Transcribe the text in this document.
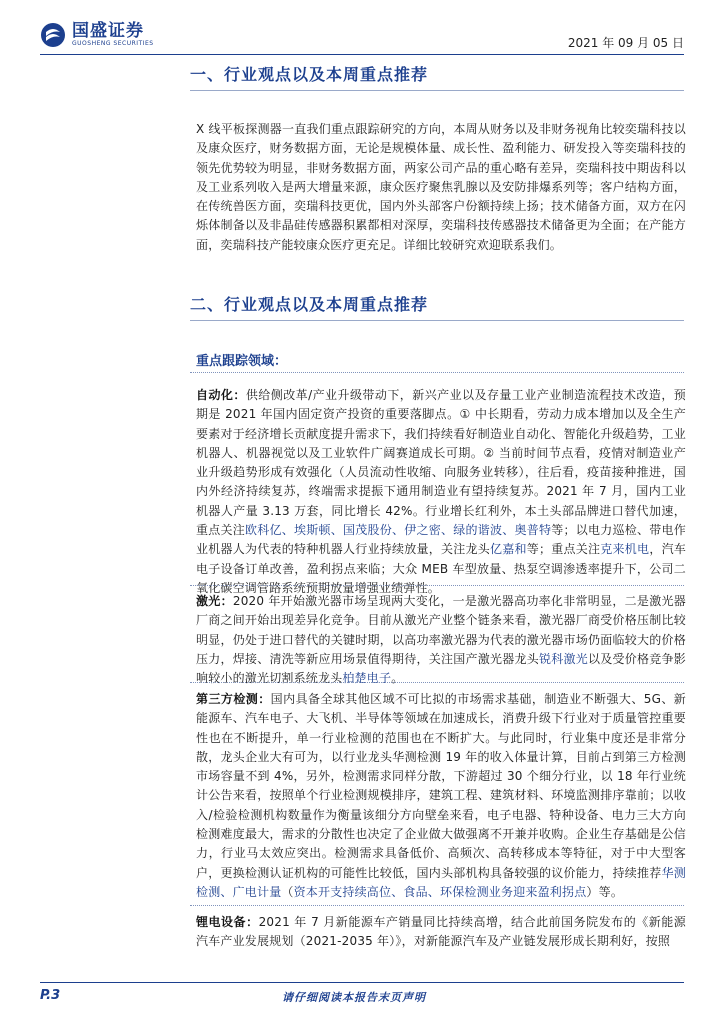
国盛证券
GUOSHENG SECURITIES	2021 年 09 月 05 日
一、行业观点以及本周重点推荐

X 线平板探测器一直我们重点跟踪研究的方向，本周从财务以及非财务视角比较奕瑞科技以及康众医疗，财务数据方面，无论是规模体量、成长性、盈利能力、研发投入等奕瑞科技的领先优势较为明显，非财务数据方面，两家公司产品的重心略有差异，奕瑞科技中期齿科以及工业系列收入是两大增量来源，康众医疗聚焦乳腺以及安防排爆系列等；客户结构方面，在传统兽医方面，奕瑞科技更优，国内外头部客户份额持续上扬；技术储备方面，双方在闪烁体制备以及非晶硅传感器积累都相对深厚，奕瑞科技传感器技术储备更为全面；在产能方面，奕瑞科技产能较康众医疗更充足。详细比较研究欢迎联系我们。

二、行业观点以及本周重点推荐
重点跟踪领域：

自动化：供给侧改革/产业升级带动下，新兴产业以及存量工业产业制造流程技术改造，预期是 2021 年国内固定资产投资的重要落脚点。① 中长期看，劳动力成本增加以及全生产要素对于经济增长贡献度提升需求下，我们持续看好制造业自动化、智能化升级趋势，工业机器人、机器视觉以及工业软件广阔赛道成长可期。② 当前时间节点看，疫情对制造业产业升级趋势形成有效强化（人员流动性收缩、向服务业转移），往后看，疫苗接种推进，国内外经济持续复苏，终端需求提振下通用制造业有望持续复苏。2021 年 7 月，国内工业机器人产量 3.13 万套，同比增长 42%。行业增长红利外，本土头部品牌进口替代加速，重点关注欧科亿、埃斯顿、国茂股份、伊之密、绿的谐波、奥普特等；以电力巡检、带电作业机器人为代表的特种机器人行业持续放量，关注龙头亿嘉和等；重点关注克来机电，汽车电子设备订单改善，盈利拐点来临；大众 MEB 车型放量、热泵空调渗透率提升下，公司二氧化碳空调管路系统预期放量增强业绩弹性。

激光：2020 年开始激光器市场呈现两大变化，一是激光器高功率化非常明显，二是激光器厂商之间开始出现差异化竞争。目前从激光产业整个链条来看，激光器厂商受价格压制比较明显，仍处于进口替代的关键时期，以高功率激光器为代表的激光器市场仍面临较大的价格压力，焊接、清洗等新应用场景值得期待，关注国产激光器龙头锐科激光以及受价格竞争影响较小的激光切割系统龙头柏楚电子。

第三方检测：国内具备全球其他区域不可比拟的市场需求基础，制造业不断强大、5G、新能源车、汽车电子、大飞机、半导体等领域在加速成长，消费升级下行业对于质量管控重要性也在不断提升，单一行业检测的范围也在不断扩大。与此同时，行业集中度还是非常分散，龙头企业大有可为，以行业龙头华测检测 19 年的收入体量计算，目前占到第三方检测市场容量不到 4%，另外，检测需求同样分散，下游超过 30 个细分行业，以 18 年行业统计公告来看，按照单个行业检测规模排序，建筑工程、建筑材料、环境监测排序靠前；以收入/检验检测机构数量作为衡量该细分方向壁垒来看，电子电器、特种设备、电力三大方向检测难度最大，需求的分散性也决定了企业做大做强离不开兼并收购。企业生存基础是公信力，行业马太效应突出。检测需求具备低价、高频次、高转移成本等特征，对于中大型客户，更换检测认证机构的可能性比较低，国内头部机构具备较强的议价能力，持续推荐华测检测、广电计量（资本开支持续高位、食品、环保检测业务迎来盈利拐点）等。

锂电设备：2021 年 7 月新能源车产销量同比持续高增，结合此前国务院发布的《新能源汽车产业发展规划（2021-2035 年）》，对新能源汽车及产业链发展形成长期利好，按照

P.3	请仔细阅读本报告末页声明
